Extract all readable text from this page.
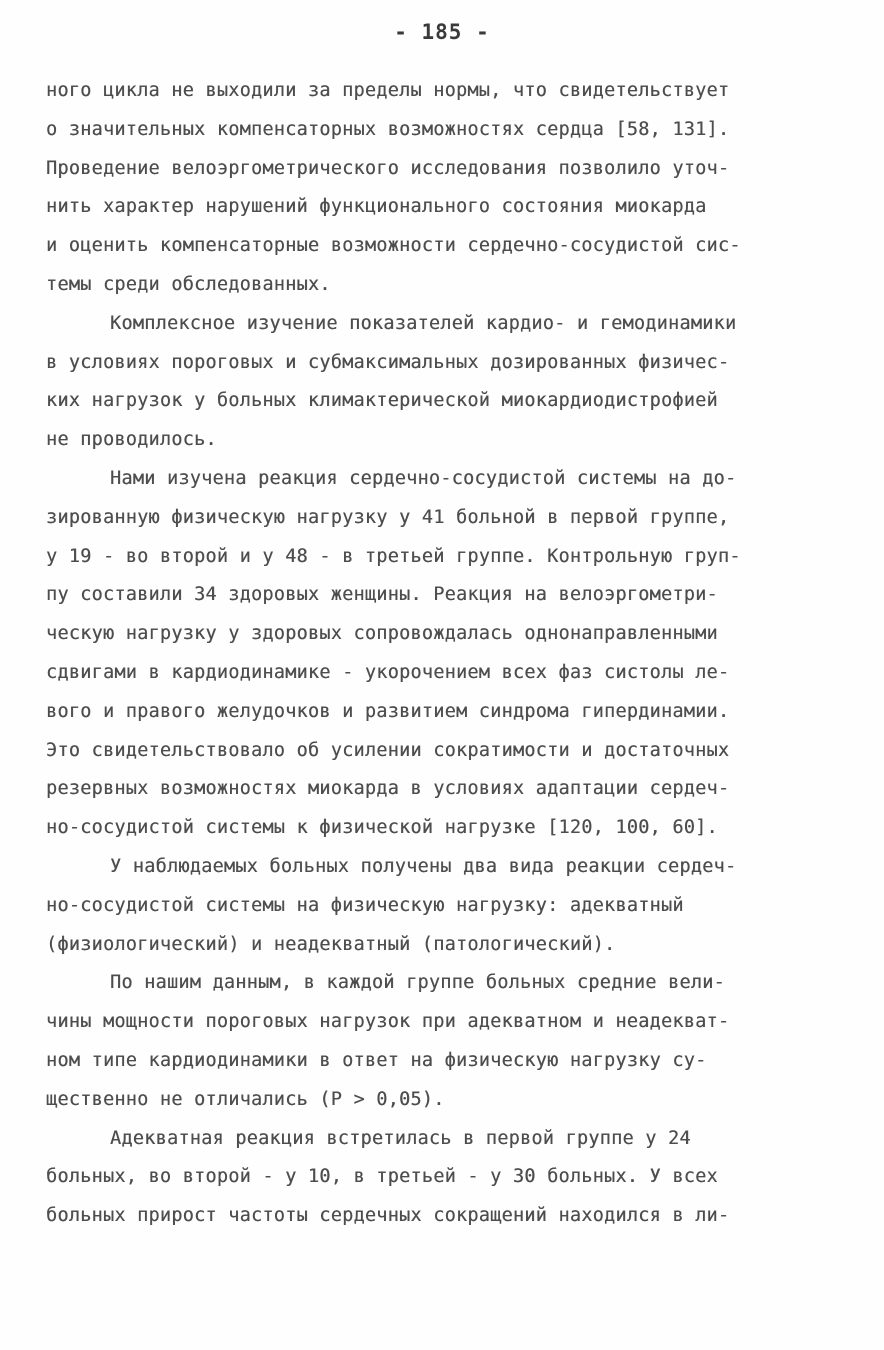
- 185 -
ного цикла не выходили за пределы нормы, что свидетельствует
о значительных компенсаторных возможностях сердца [58, 131].
Проведение велоэргометрического исследования позволило уточ-
нить характер нарушений функционального состояния миокарда
и оценить компенсаторные возможности сердечно-сосудистой сис-
темы среди обследованных.
Комплексное изучение показателей кардио- и гемодинамики
в условиях пороговых и субмаксимальных дозированных физичес-
ких нагрузок у больных климактерической миокардиодистрофией
не проводилось.
Нами изучена реакция сердечно-сосудистой системы на до-
зированную физическую нагрузку у 41 больной в первой группе,
у 19 - во второй и у 48 - в третьей группе. Контрольную груп-
пу составили 34 здоровых женщины. Реакция на велоэргометри-
ческую нагрузку у здоровых сопровождалась однонаправленными
сдвигами в кардиодинамике - укорочением всех фаз систолы ле-
вого и правого желудочков и развитием синдрома гипердинамии.
Это свидетельствовало об усилении сократимости и достаточных
резервных возможностях миокарда в условиях адаптации сердеч-
но-сосудистой системы к физической нагрузке [120, 100, 60].
У наблюдаемых больных получены два вида реакции сердеч-
но-сосудистой системы на физическую нагрузку: адекватный
(физиологический) и неадекватный (патологический).
По нашим данным, в каждой группе больных средние вели-
чины мощности пороговых нагрузок при адекватном и неадекват-
ном типе кардиодинамики в ответ на физическую нагрузку су-
щественно не отличались (P > 0,05).
Адекватная реакция встретилась в первой группе у 24
больных, во второй - у 10, в третьей - у 30 больных. У всех
больных прирост частоты сердечных сокращений находился в ли-
